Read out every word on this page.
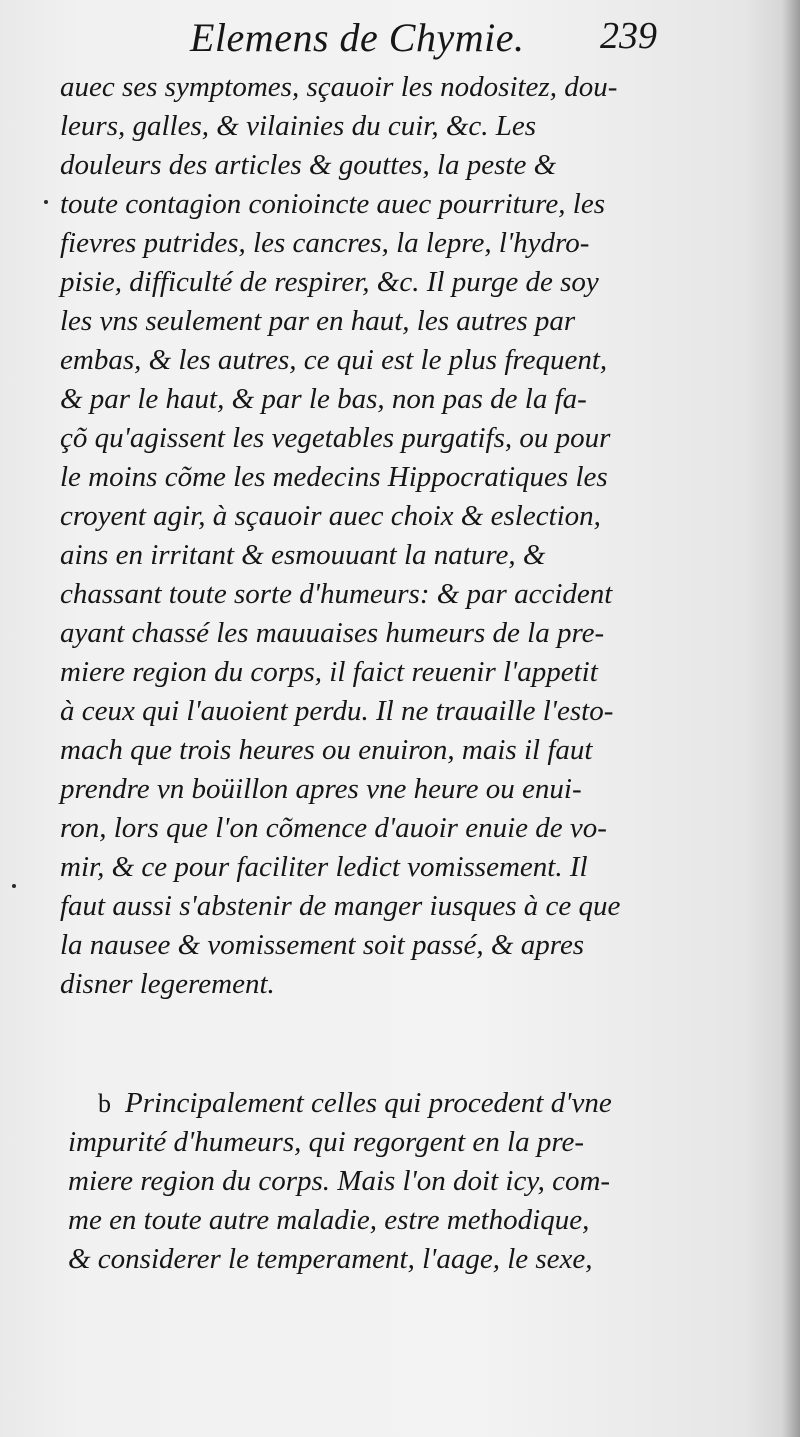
Elemens de Chymie. 239
auec ses symptomes, sçauoir les nodositez, dou-
leurs, galles, & vilainies du cuir, &c. Les
douleurs des articles & gouttes, la peste &
toute contagion conioincte auec pourriture, les
fievres putrides, les cancres, la lepre, l'hydro-
pisie, difficulté de respirer, &c. Il purge de soy
les vns seulement par en haut, les autres par
embas, & les autres, ce qui est le plus frequent,
& par le haut, & par le bas, non pas de la fa-
çõ qu'agissent les vegetables purgatifs, ou pour
le moins cõme les medecins Hippocratiques les
croyent agir, à sçauoir auec choix & eslection,
ains en irritant & esmouuant la nature, &
chassant toute sorte d'humeurs: & par accident
ayant chassé les mauuaises humeurs de la pre-
miere region du corps, il faict reuenir l'appetit
à ceux qui l'auoient perdu. Il ne trauaille l'esto-
mach que trois heures ou enuiron, mais il faut
prendre vn boüillon apres vne heure ou enui-
ron, lors que l'on cõmence d'auoir enuie de vo-
mir, & ce pour faciliter ledict vomissement. Il
faut aussi s'abstenir de manger iusques à ce que
la nausee & vomissement soit passé, & apres
disner legerement.
b Principalement celles qui procedent d'vne
impurité d'humeurs, qui regorgent en la pre-
miere region du corps. Mais l'on doit icy, com-
me en toute autre maladie, estre methodique,
& considerer le temperament, l'aage, le sexe,
